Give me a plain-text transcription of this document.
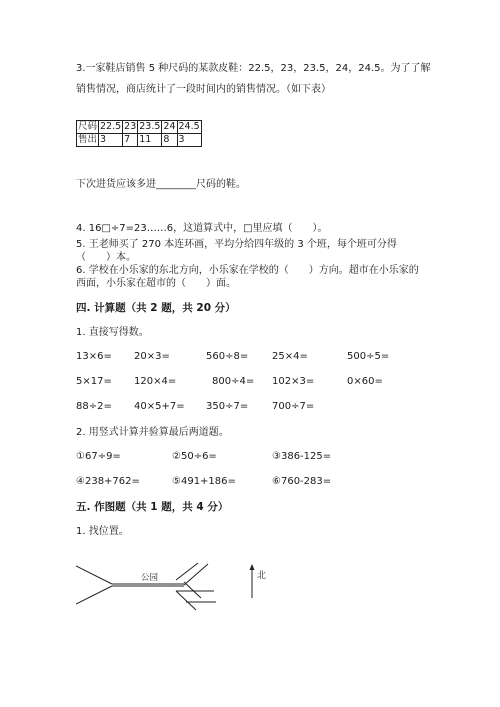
3.一家鞋店销售 5 种尺码的某款皮鞋：22.5，23，23.5，24，24.5。为了了解
销售情况，商店统计了一段时间内的销售情况。（如下表）
尺码	22.5	23	23.5	24	24.5
售出	3	7	11	8	3
下次进货应该多进________尺码的鞋。
4. 16□÷7=23……6，这道算式中，□里应填（　　）。
5. 王老师买了 270 本连环画，平均分给四年级的 3 个班，每个班可分得
（　　）本。
6. 学校在小乐家的东北方向，小乐家在学校的（　　）方向。超市在小乐家的
西面，小乐家在超市的（　　）面。
四. 计算题（共 2 题，共 20 分）
1. 直接写得数。
13×6= 20×3=	560÷8= 25×4=	500÷5=
5×17= 120×4=	800÷4= 102×3=	0×60=
88÷2= 40×5+7= 350÷7= 700÷7=
2. 用竖式计算并验算最后两道题。
①67÷9=	②50÷6=	③386-125=
④238+762=	⑤491+186=	⑥760-283=
五. 作图题（共 1 题，共 4 分）
1. 找位置。
公园	北
